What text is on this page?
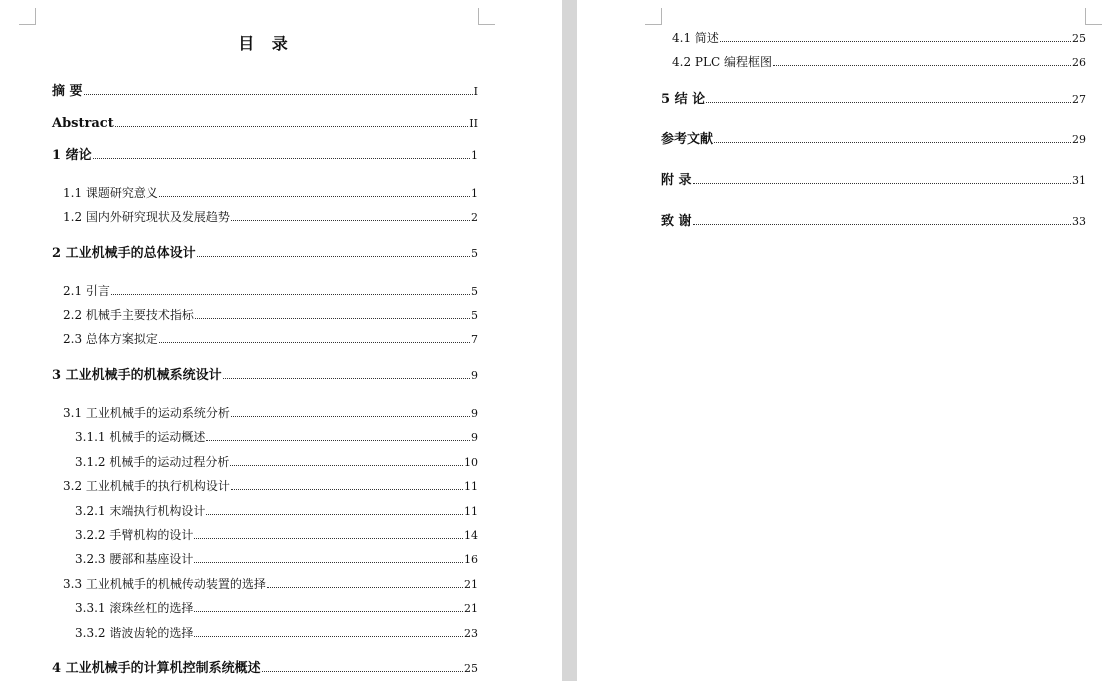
目 录
摘 要	I
Abstract	II
1 绪论	1
1.1 课题研究意义	1
1.2 国内外研究现状及发展趋势	2
2 工业机械手的总体设计	5
2.1 引言	5
2.2 机械手主要技术指标	5
2.3 总体方案拟定	7
3 工业机械手的机械系统设计	9
3.1 工业机械手的运动系统分析	9
3.1.1 机械手的运动概述	9
3.1.2 机械手的运动过程分析	10
3.2 工业机械手的执行机构设计	11
3.2.1 末端执行机构设计	11
3.2.2 手臂机构的设计	14
3.2.3 腰部和基座设计	16
3.3 工业机械手的机械传动装置的选择	21
3.3.1 滚珠丝杠的选择	21
3.3.2 谐波齿轮的选择	23
4 工业机械手的计算机控制系统概述	25
4.1 简述	25
4.2 PLC 编程框图	26
5 结 论	27
参考文献	29
附 录	31
致 谢	33
